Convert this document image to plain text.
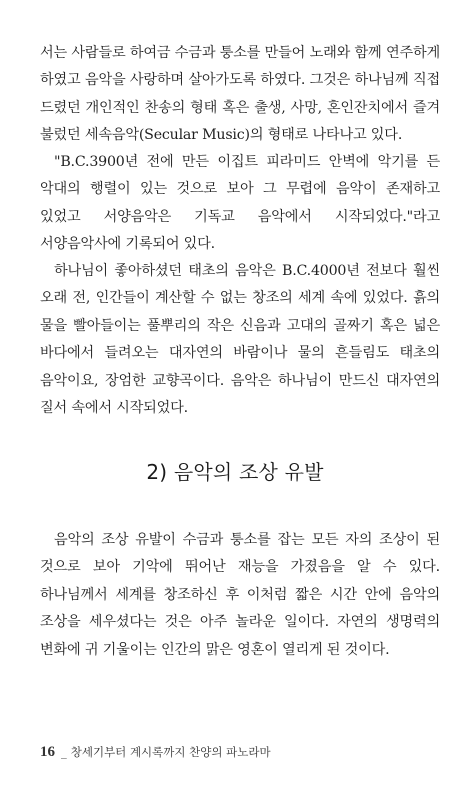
서는 사람들로 하여금 수금과 퉁소를 만들어 노래와 함께 연주하게 하였고 음악을 사랑하며 살아가도록 하였다. 그것은 하나님께 직접 드렸던 개인적인 찬송의 형태 혹은 출생, 사망, 혼인잔치에서 즐겨 불렀던 세속음악(Secular Music)의 형태로 나타나고 있다.

"B.C.3900년 전에 만든 이집트 피라미드 안벽에 악기를 든 악대의 행렬이 있는 것으로 보아 그 무렵에 음악이 존재하고 있었고 서양음악은 기독교 음악에서 시작되었다."라고 서양음악사에 기록되어 있다.

하나님이 좋아하셨던 태초의 음악은 B.C.4000년 전보다 훨씬 오래 전, 인간들이 계산할 수 없는 창조의 세계 속에 있었다. 흙의 물을 빨아들이는 풀뿌리의 작은 신음과 고대의 골짜기 혹은 넓은 바다에서 들려오는 대자연의 바람이나 물의 흔들림도 태초의 음악이요, 장엄한 교향곡이다. 음악은 하나님이 만드신 대자연의 질서 속에서 시작되었다.

2) 음악의 조상 유발

음악의 조상 유발이 수금과 퉁소를 잡는 모든 자의 조상이 된 것으로 보아 기악에 뛰어난 재능을 가졌음을 알 수 있다. 하나님께서 세계를 창조하신 후 이처럼 짧은 시간 안에 음악의 조상을 세우셨다는 것은 아주 놀라운 일이다. 자연의 생명력의 변화에 귀 기울이는 인간의 맑은 영혼이 열리게 된 것이다.

16 _ 창세기부터 계시록까지 찬양의 파노라마
